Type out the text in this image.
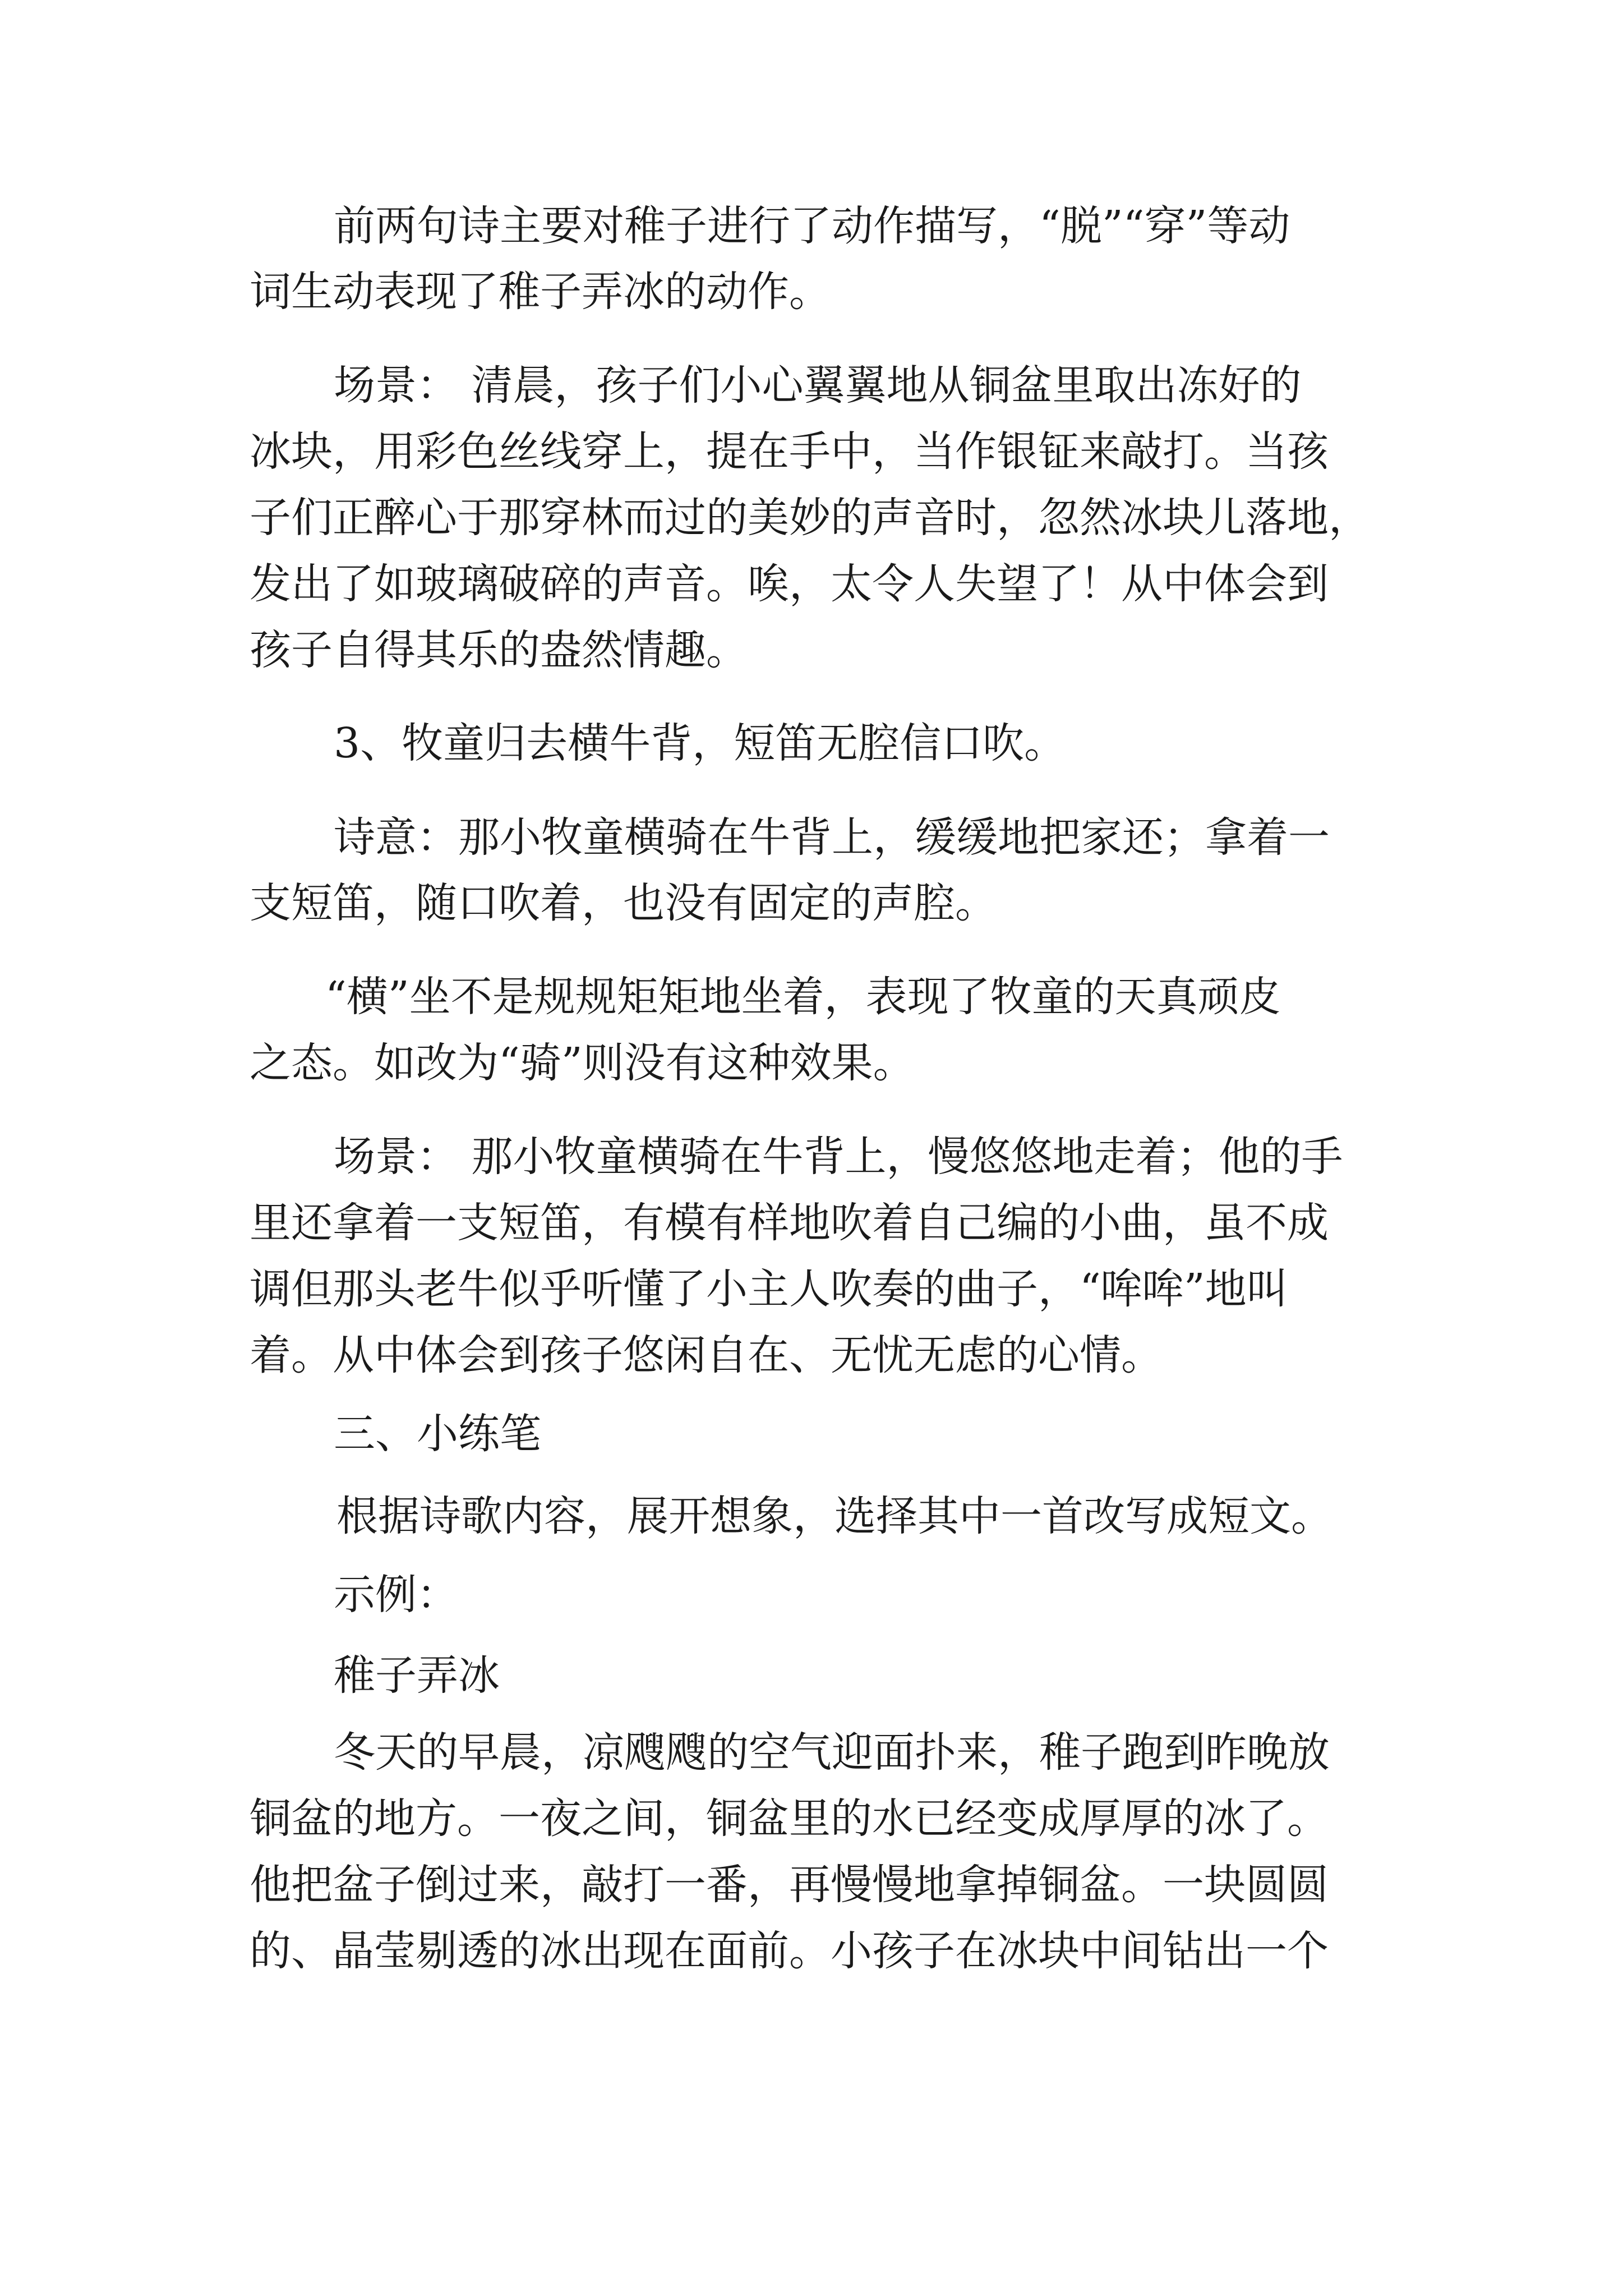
前两句诗主要对稚子进行了动作描写，“脱”“穿”等动

词生动表现了稚子弄冰的动作。

场景： 清晨，孩子们小心翼翼地从铜盆里取出冻好的

冰块，用彩色丝线穿上，提在手中，当作银钲来敲打。当孩

子们正醉心于那穿林而过的美妙的声音时，忽然冰块儿落地，

发出了如玻璃破碎的声音。唉，太令人失望了！从中体会到

孩子自得其乐的盎然情趣。

3、牧童归去横牛背，短笛无腔信口吹。

诗意：那小牧童横骑在牛背上，缓缓地把家还；拿着一

支短笛，随口吹着，也没有固定的声腔。

“横”坐不是规规矩矩地坐着，表现了牧童的天真顽皮

之态。如改为“骑”则没有这种效果。

场景： 那小牧童横骑在牛背上，慢悠悠地走着；他的手

里还拿着一支短笛，有模有样地吹着自己编的小曲，虽不成

调但那头老牛似乎听懂了小主人吹奏的曲子，“哞哞”地叫

着。从中体会到孩子悠闲自在、无忧无虑的心情。

三、小练笔

根据诗歌内容，展开想象，选择其中一首改写成短文。

示例：

稚子弄冰

冬天的早晨，凉飕飕的空气迎面扑来，稚子跑到昨晚放

铜盆的地方。一夜之间，铜盆里的水已经变成厚厚的冰了。

他把盆子倒过来，敲打一番，再慢慢地拿掉铜盆。一块圆圆

的、晶莹剔透的冰出现在面前。小孩子在冰块中间钻出一个
